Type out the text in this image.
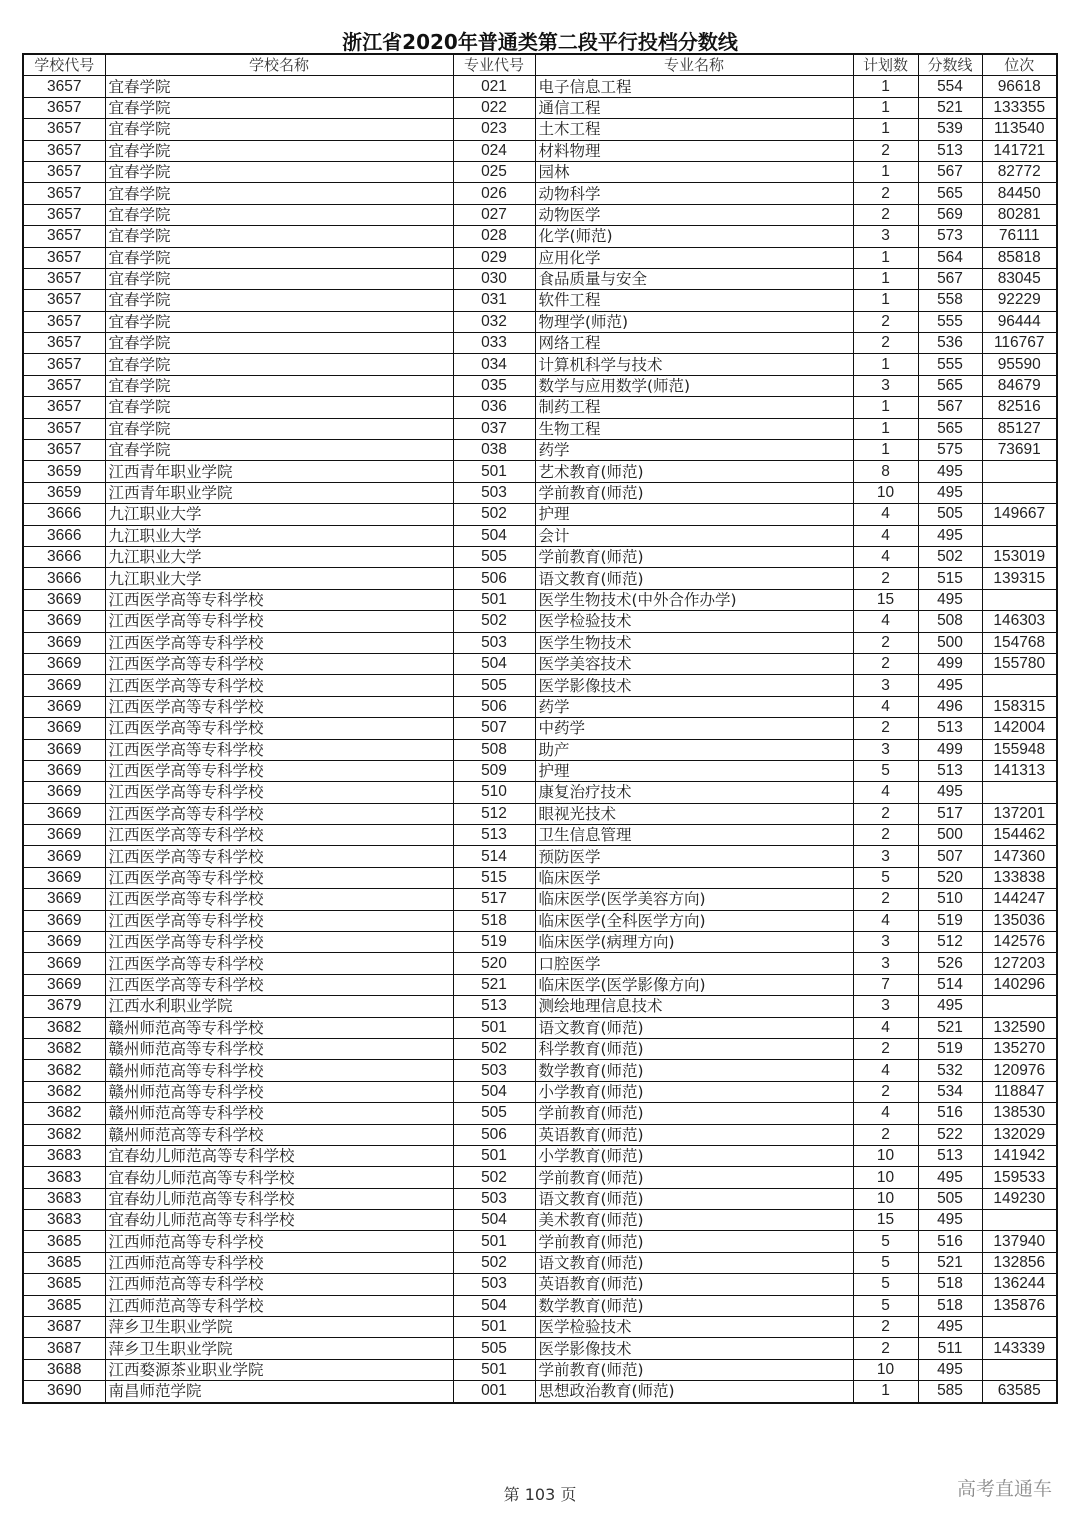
浙江省2020年普通类第二段平行投档分数线
学校代号	学校名称	专业代号	专业名称	计划数	分数线	位次
3657	宜春学院	021	电子信息工程	1	554	96618
3657	宜春学院	022	通信工程	1	521	133355
3657	宜春学院	023	土木工程	1	539	113540
3657	宜春学院	024	材料物理	2	513	141721
3657	宜春学院	025	园林	1	567	82772
3657	宜春学院	026	动物科学	2	565	84450
3657	宜春学院	027	动物医学	2	569	80281
3657	宜春学院	028	化学(师范)	3	573	76111
3657	宜春学院	029	应用化学	1	564	85818
3657	宜春学院	030	食品质量与安全	1	567	83045
3657	宜春学院	031	软件工程	1	558	92229
3657	宜春学院	032	物理学(师范)	2	555	96444
3657	宜春学院	033	网络工程	2	536	116767
3657	宜春学院	034	计算机科学与技术	1	555	95590
3657	宜春学院	035	数学与应用数学(师范)	3	565	84679
3657	宜春学院	036	制药工程	1	567	82516
3657	宜春学院	037	生物工程	1	565	85127
3657	宜春学院	038	药学	1	575	73691
3659	江西青年职业学院	501	艺术教育(师范)	8	495	
3659	江西青年职业学院	503	学前教育(师范)	10	495	
3666	九江职业大学	502	护理	4	505	149667
3666	九江职业大学	504	会计	4	495	
3666	九江职业大学	505	学前教育(师范)	4	502	153019
3666	九江职业大学	506	语文教育(师范)	2	515	139315
3669	江西医学高等专科学校	501	医学生物技术(中外合作办学)	15	495	
3669	江西医学高等专科学校	502	医学检验技术	4	508	146303
3669	江西医学高等专科学校	503	医学生物技术	2	500	154768
3669	江西医学高等专科学校	504	医学美容技术	2	499	155780
3669	江西医学高等专科学校	505	医学影像技术	3	495	
3669	江西医学高等专科学校	506	药学	4	496	158315
3669	江西医学高等专科学校	507	中药学	2	513	142004
3669	江西医学高等专科学校	508	助产	3	499	155948
3669	江西医学高等专科学校	509	护理	5	513	141313
3669	江西医学高等专科学校	510	康复治疗技术	4	495	
3669	江西医学高等专科学校	512	眼视光技术	2	517	137201
3669	江西医学高等专科学校	513	卫生信息管理	2	500	154462
3669	江西医学高等专科学校	514	预防医学	3	507	147360
3669	江西医学高等专科学校	515	临床医学	5	520	133838
3669	江西医学高等专科学校	517	临床医学(医学美容方向)	2	510	144247
3669	江西医学高等专科学校	518	临床医学(全科医学方向)	4	519	135036
3669	江西医学高等专科学校	519	临床医学(病理方向)	3	512	142576
3669	江西医学高等专科学校	520	口腔医学	3	526	127203
3669	江西医学高等专科学校	521	临床医学(医学影像方向)	7	514	140296
3679	江西水利职业学院	513	测绘地理信息技术	3	495	
3682	赣州师范高等专科学校	501	语文教育(师范)	4	521	132590
3682	赣州师范高等专科学校	502	科学教育(师范)	2	519	135270
3682	赣州师范高等专科学校	503	数学教育(师范)	4	532	120976
3682	赣州师范高等专科学校	504	小学教育(师范)	2	534	118847
3682	赣州师范高等专科学校	505	学前教育(师范)	4	516	138530
3682	赣州师范高等专科学校	506	英语教育(师范)	2	522	132029
3683	宜春幼儿师范高等专科学校	501	小学教育(师范)	10	513	141942
3683	宜春幼儿师范高等专科学校	502	学前教育(师范)	10	495	159533
3683	宜春幼儿师范高等专科学校	503	语文教育(师范)	10	505	149230
3683	宜春幼儿师范高等专科学校	504	美术教育(师范)	15	495	
3685	江西师范高等专科学校	501	学前教育(师范)	5	516	137940
3685	江西师范高等专科学校	502	语文教育(师范)	5	521	132856
3685	江西师范高等专科学校	503	英语教育(师范)	5	518	136244
3685	江西师范高等专科学校	504	数学教育(师范)	5	518	135876
3687	萍乡卫生职业学院	501	医学检验技术	2	495	
3687	萍乡卫生职业学院	505	医学影像技术	2	511	143339
3688	江西婺源茶业职业学院	501	学前教育(师范)	10	495	
3690	南昌师范学院	001	思想政治教育(师范)	1	585	63585
第 103 页	高考直通车
